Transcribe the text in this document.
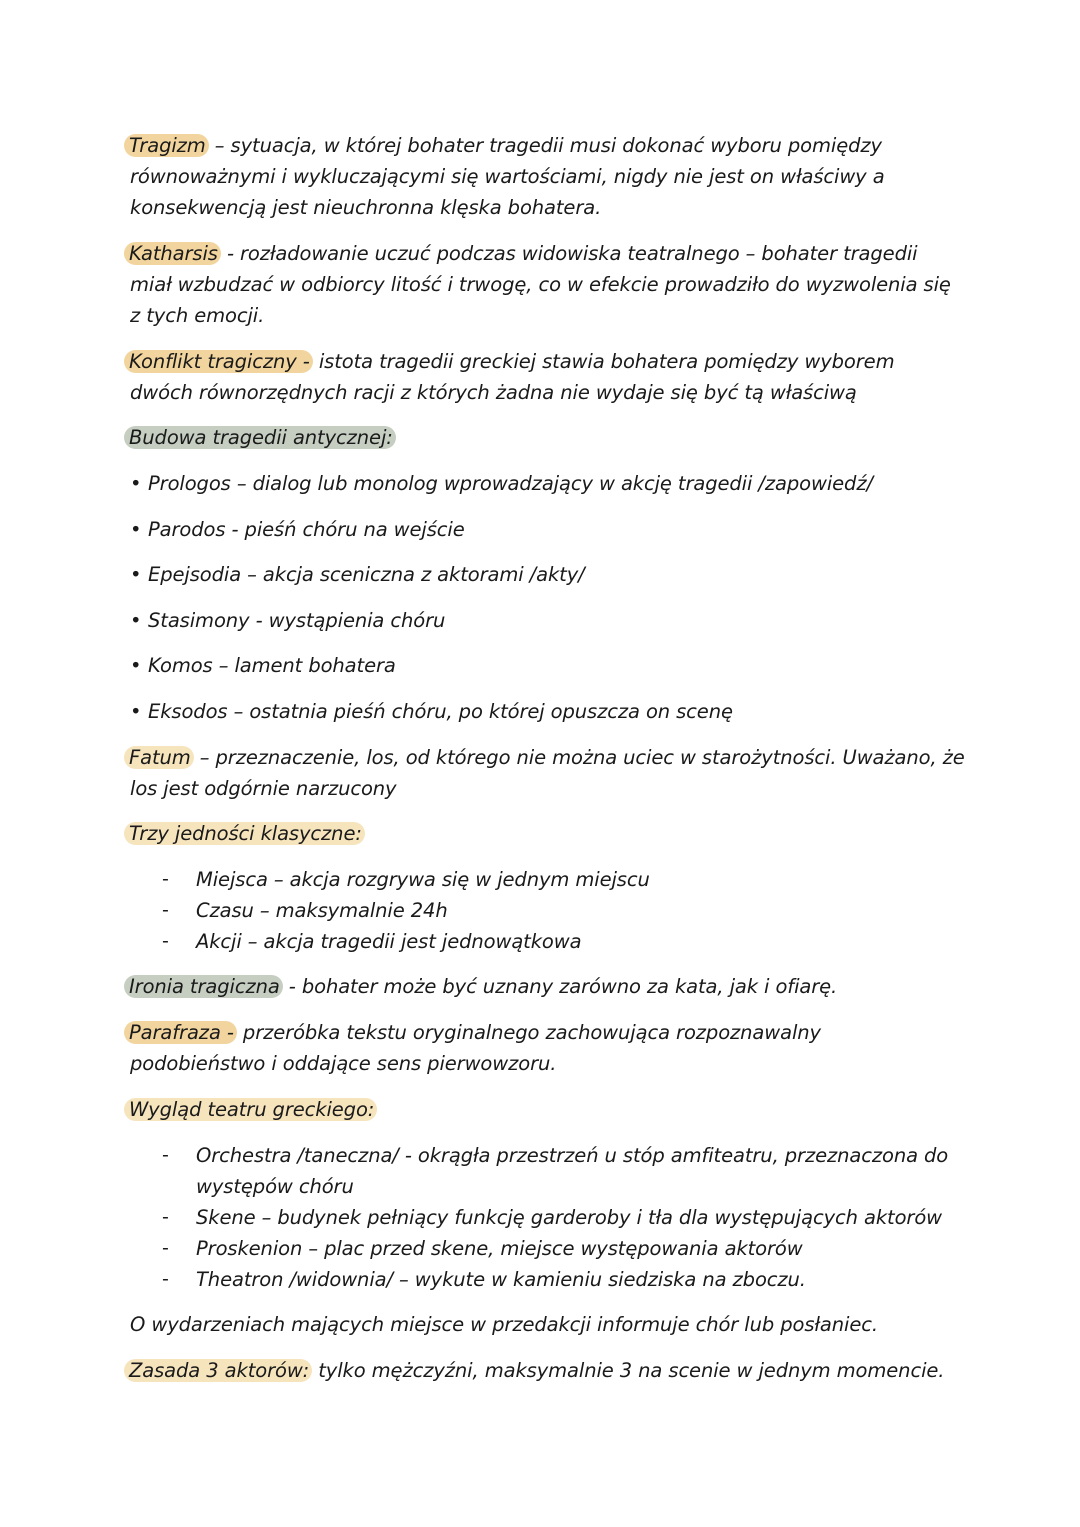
Tragizm – sytuacja, w której bohater tragedii musi dokonać wyboru pomiędzy

równoważnymi i wykluczającymi się wartościami, nigdy nie jest on właściwy a

konsekwencją jest nieuchronna klęska bohatera.

Katharsis - rozładowanie uczuć podczas widowiska teatralnego – bohater tragedii

miał wzbudzać w odbiorcy litość i trwogę, co w efekcie prowadziło do wyzwolenia się

z tych emocji.

Konflikt tragiczny - istota tragedii greckiej stawia bohatera pomiędzy wyborem

dwóch równorzędnych racji z których żadna nie wydaje się być tą właściwą

Budowa tragedii antycznej:

• Prologos – dialog lub monolog wprowadzający w akcję tragedii /zapowiedź/

• Parodos - pieśń chóru na wejście

• Epejsodia – akcja sceniczna z aktorami /akty/

• Stasimony - wystąpienia chóru

• Komos – lament bohatera

• Eksodos – ostatnia pieśń chóru, po której opuszcza on scenę

Fatum – przeznaczenie, los, od którego nie można uciec w starożytności. Uważano, że

los jest odgórnie narzucony

Trzy jedności klasyczne:

- Miejsca – akcja rozgrywa się w jednym miejscu

- Czasu – maksymalnie 24h

- Akcji – akcja tragedii jest jednowątkowa

Ironia tragiczna - bohater może być uznany zarówno za kata, jak i ofiarę.

Parafraza - przeróbka tekstu oryginalnego zachowująca rozpoznawalny

podobieństwo i oddające sens pierwowzoru.

Wygląd teatru greckiego:

- Orchestra /taneczna/ - okrągła przestrzeń u stóp amfiteatru, przeznaczona do

występów chóru

- Skene – budynek pełniący funkcję garderoby i tła dla występujących aktorów

- Proskenion – plac przed skene, miejsce występowania aktorów

- Theatron /widownia/ – wykute w kamieniu siedziska na zboczu.

O wydarzeniach mających miejsce w przedakcji informuje chór lub posłaniec.

Zasada 3 aktorów: tylko mężczyźni, maksymalnie 3 na scenie w jednym momencie.
